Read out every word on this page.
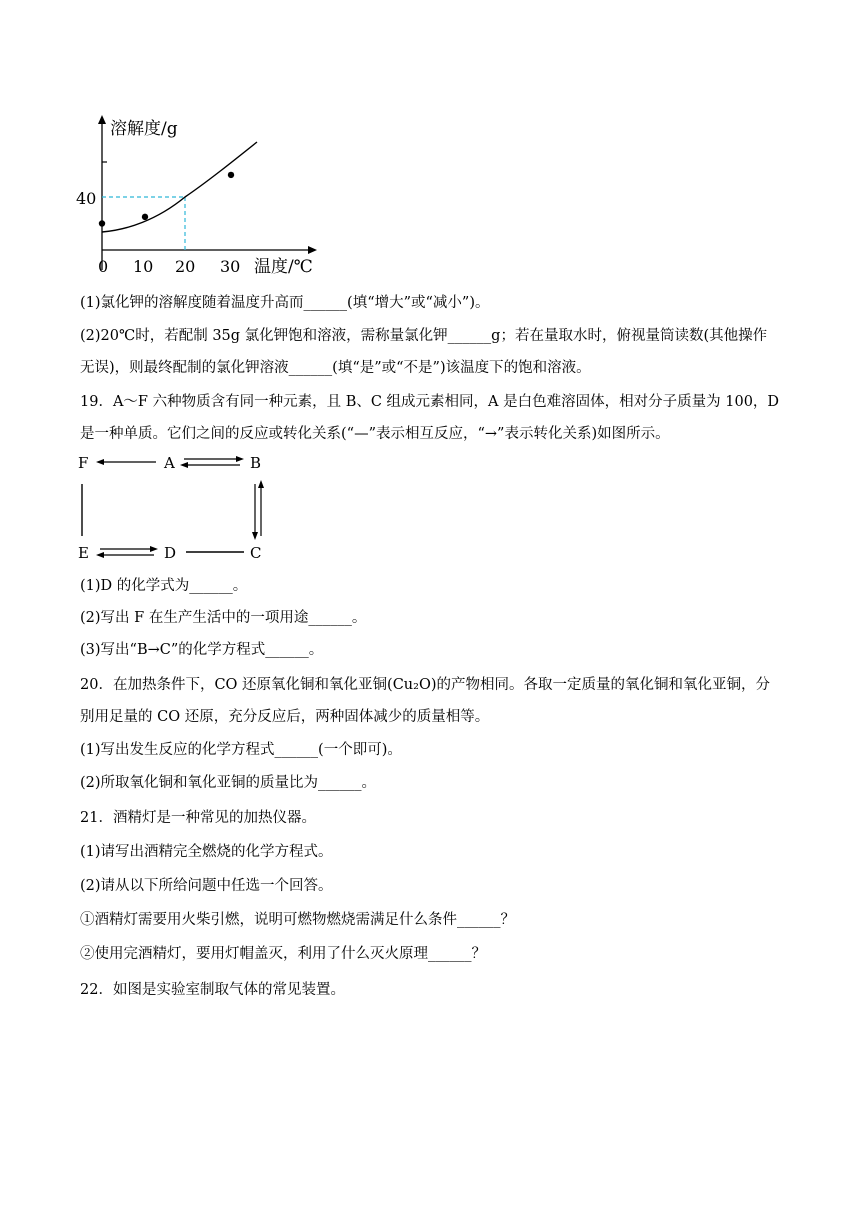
溶解度/g
40
0 10 20 30 温度/℃
(1)氯化钾的溶解度随着温度升高而______(填“增大”或“减小”)。
(2)20℃时，若配制 35g 氯化钾饱和溶液，需称量氯化钾______g；若在量取水时，俯视量筒读数(其他操作
无误)，则最终配制的氯化钾溶液______(填“是”或“不是”)该温度下的饱和溶液。
19．A～F 六种物质含有同一种元素，且 B、C 组成元素相同，A 是白色难溶固体，相对分子质量为 100，D
是一种单质。它们之间的反应或转化关系(“—”表示相互反应，“→”表示转化关系)如图所示。
F	A	B
E	D	C
(1)D 的化学式为______。
(2)写出 F 在生产生活中的一项用途______。
(3)写出“B→C”的化学方程式______。
20．在加热条件下，CO 还原氧化铜和氧化亚铜(Cu₂O)的产物相同。各取一定质量的氧化铜和氧化亚铜，分
别用足量的 CO 还原，充分反应后，两种固体减少的质量相等。
(1)写出发生反应的化学方程式______(一个即可)。
(2)所取氧化铜和氧化亚铜的质量比为______。
21．酒精灯是一种常见的加热仪器。
(1)请写出酒精完全燃烧的化学方程式。
(2)请从以下所给问题中任选一个回答。
①酒精灯需要用火柴引燃，说明可燃物燃烧需满足什么条件______？
②使用完酒精灯，要用灯帽盖灭，利用了什么灭火原理______？
22．如图是实验室制取气体的常见装置。
